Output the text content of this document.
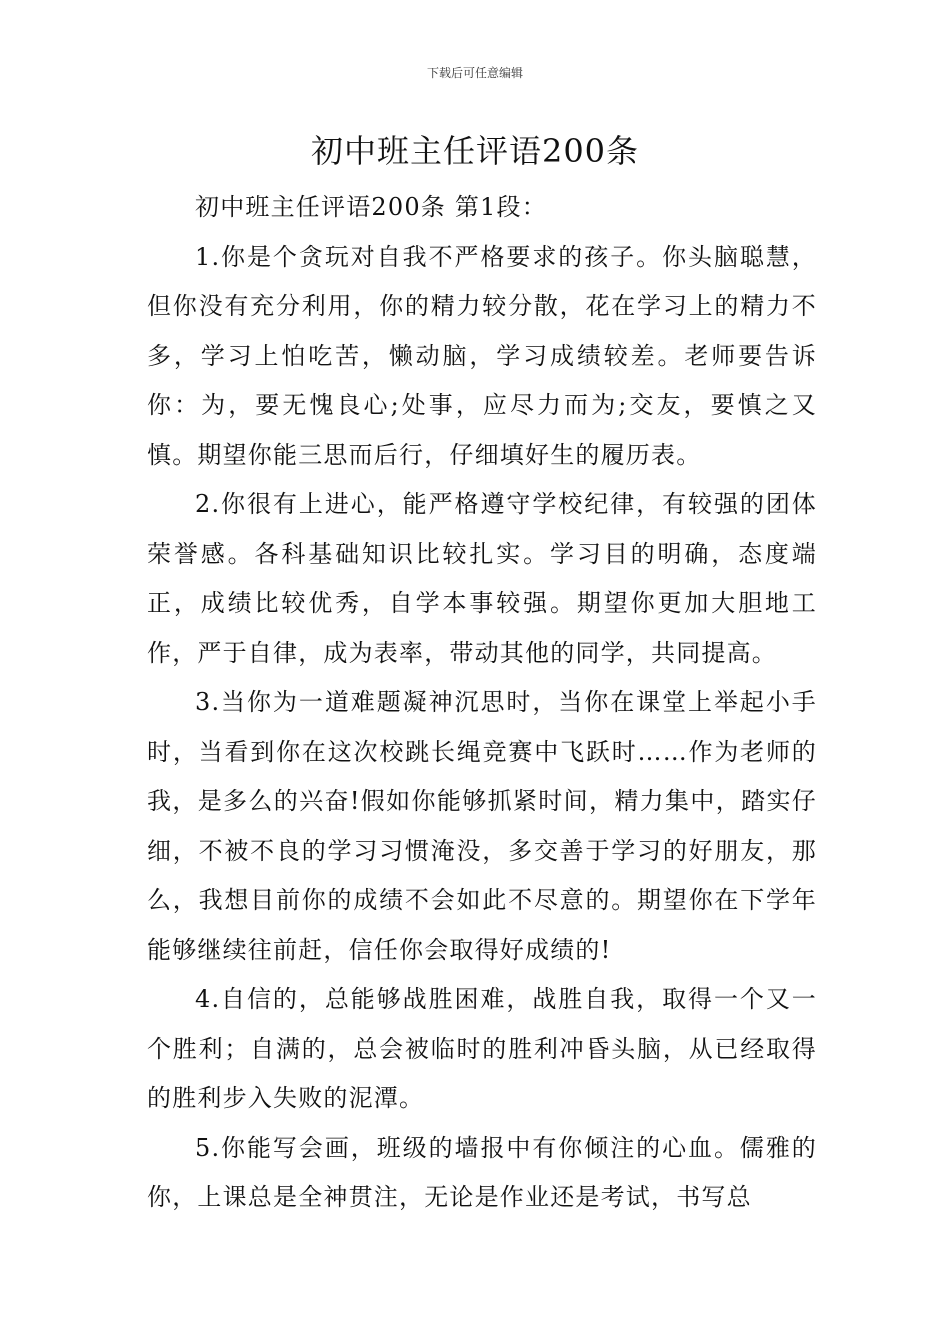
下载后可任意编辑
初中班主任评语200条

初中班主任评语200条 第1段：

1.你是个贪玩对自我不严格要求的孩子。你头脑聪慧，但你没有充分利用，你的精力较分散，花在学习上的精力不多，学习上怕吃苦，懒动脑，学习成绩较差。老师要告诉你：为，要无愧良心;处事，应尽力而为;交友，要慎之又慎。期望你能三思而后行，仔细填好生的履历表。

2.你很有上进心，能严格遵守学校纪律，有较强的团体荣誉感。各科基础知识比较扎实。学习目的明确，态度端正，成绩比较优秀，自学本事较强。期望你更加大胆地工作，严于自律，成为表率，带动其他的同学，共同提高。

3.当你为一道难题凝神沉思时，当你在课堂上举起小手时，当看到你在这次校跳长绳竞赛中飞跃时……作为老师的我，是多么的兴奋!假如你能够抓紧时间，精力集中，踏实仔细，不被不良的学习习惯淹没，多交善于学习的好朋友，那么，我想目前你的成绩不会如此不尽意的。期望你在下学年能够继续往前赶，信任你会取得好成绩的!

4.自信的，总能够战胜困难，战胜自我，取得一个又一个胜利；自满的，总会被临时的胜利冲昏头脑，从已经取得的胜利步入失败的泥潭。

5.你能写会画，班级的墙报中有你倾注的心血。儒雅的你，上课总是全神贯注，无论是作业还是考试，书写总
